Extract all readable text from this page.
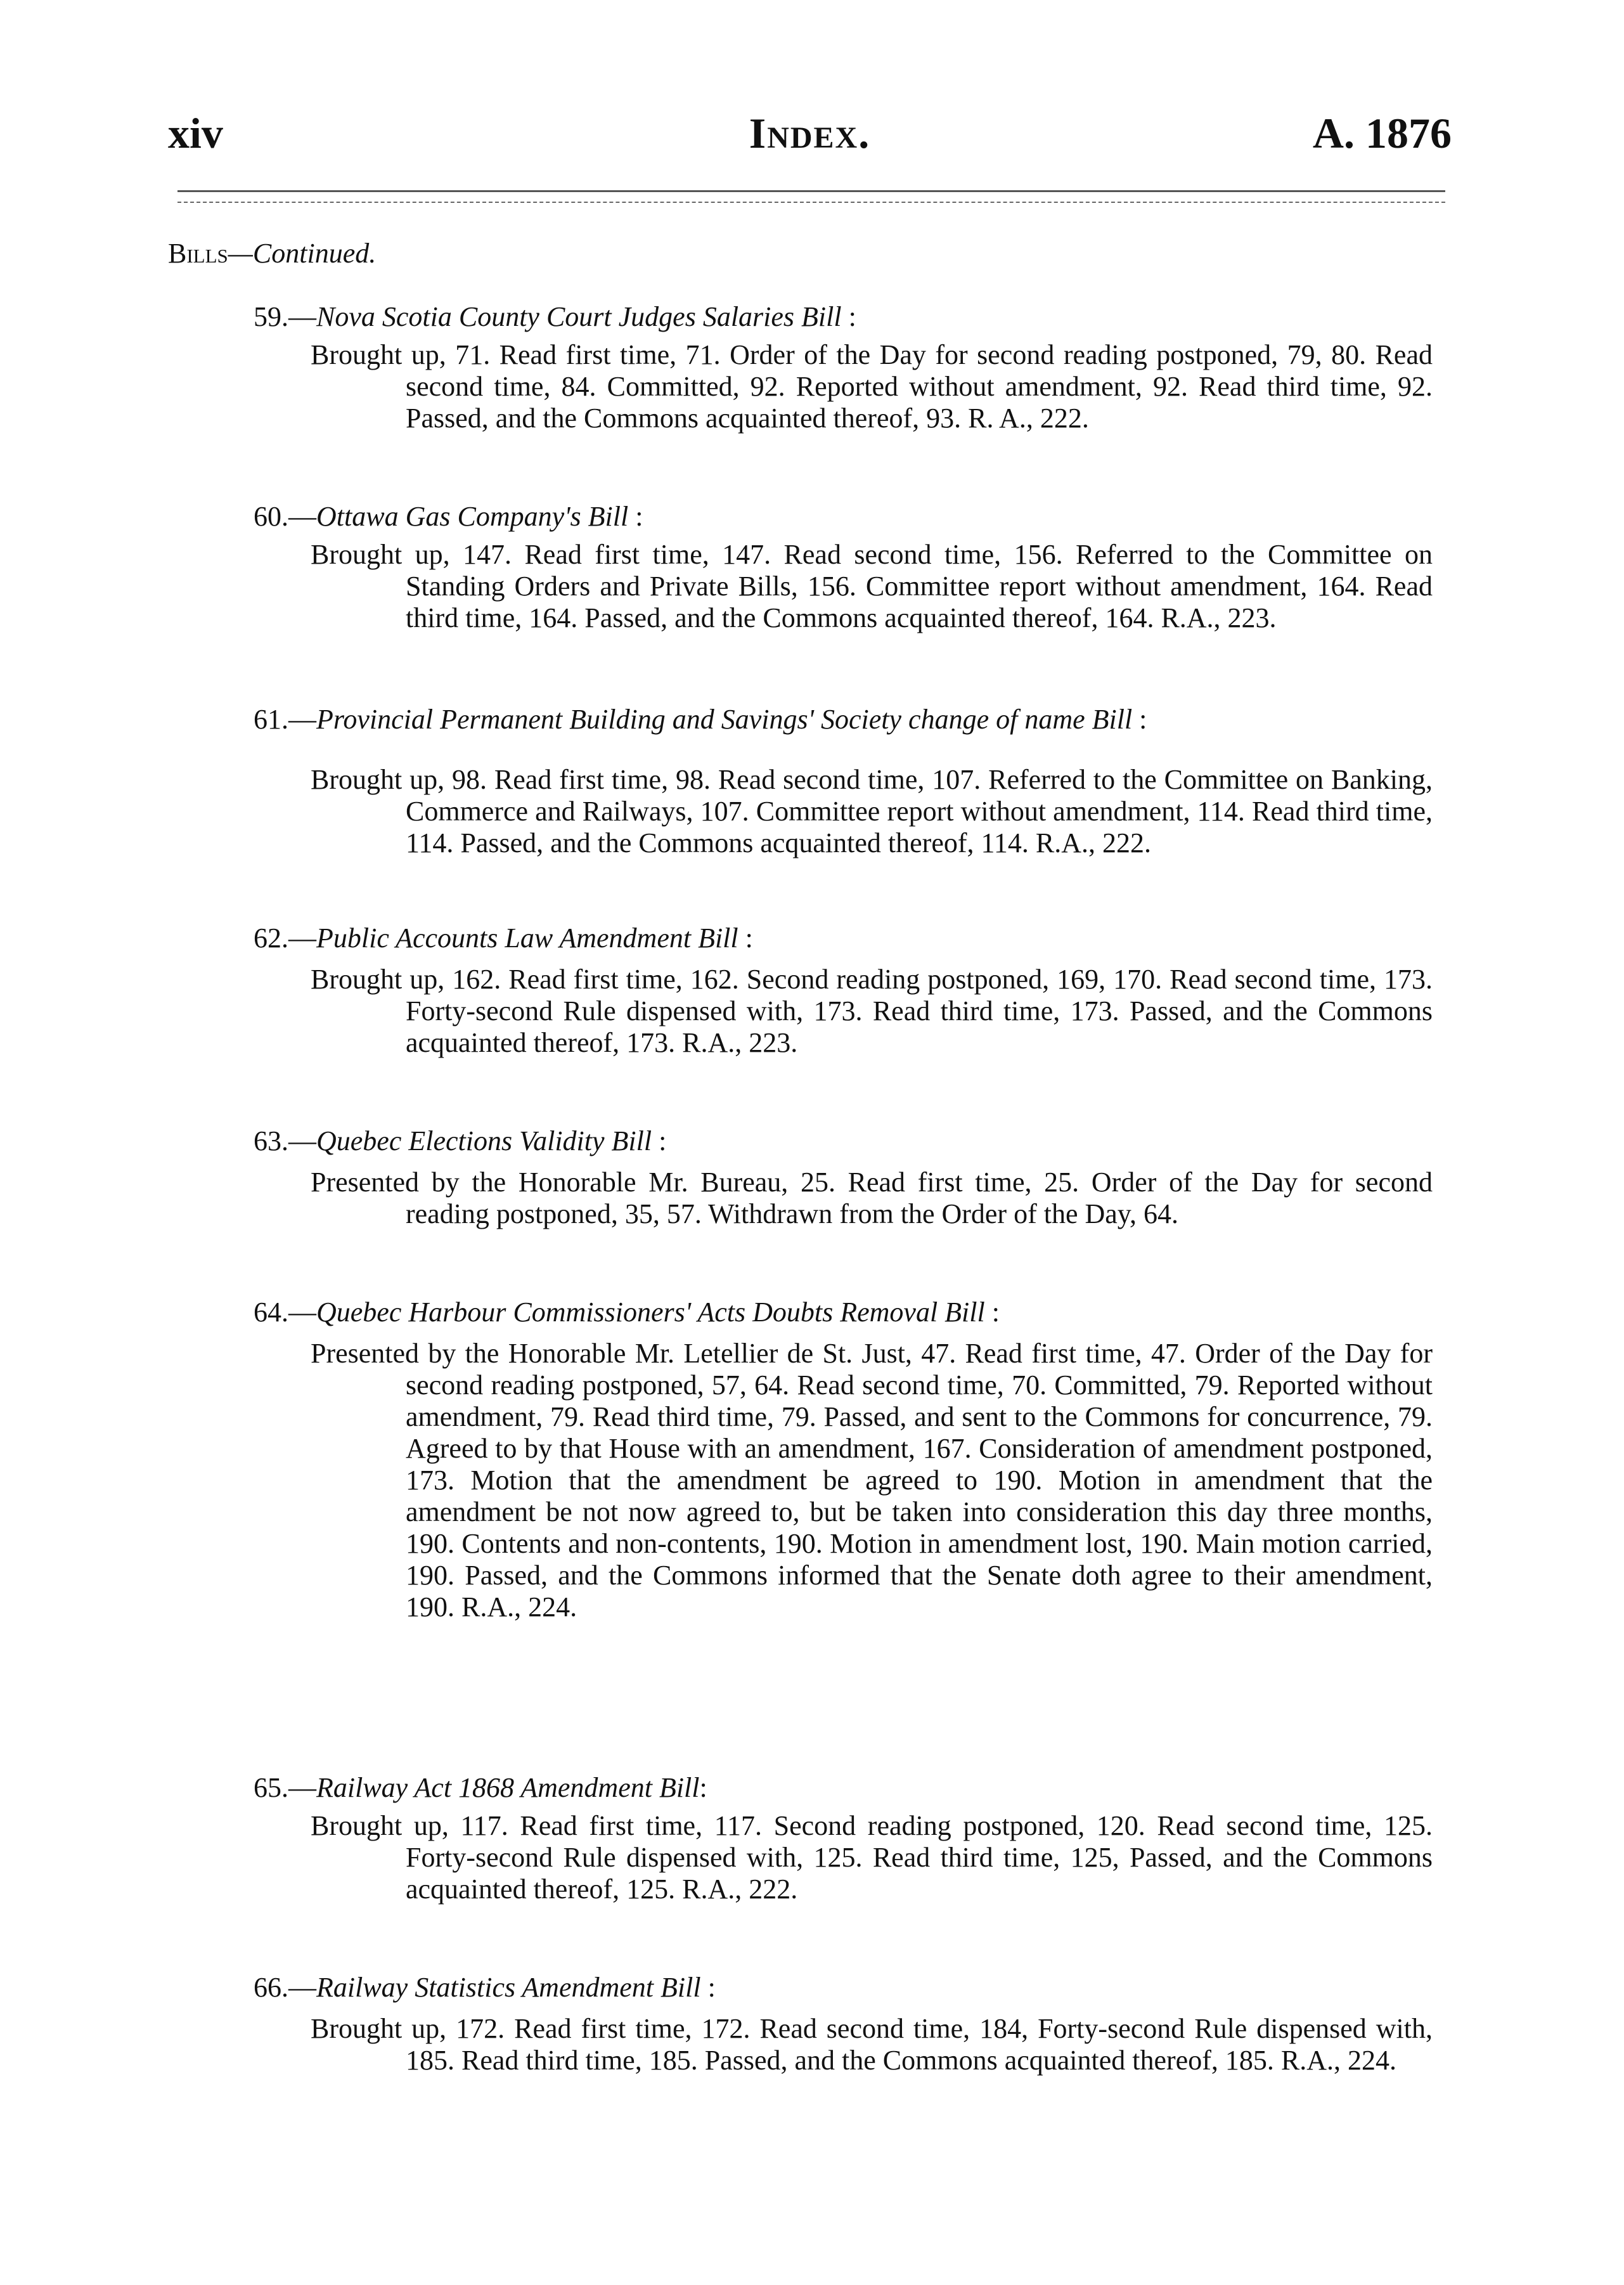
xiv	Index.	A. 1876
Bills—Continued.
59.—Nova Scotia County Court Judges Salaries Bill :
Brought up, 71. Read first time, 71. Order of the Day for second reading postponed, 79, 80. Read second time, 84. Committed, 92. Reported without amendment, 92. Read third time, 92. Passed, and the Commons acquainted thereof, 93. R. A., 222.
60.—Ottawa Gas Company's Bill :
Brought up, 147. Read first time, 147. Read second time, 156. Referred to the Committee on Standing Orders and Private Bills, 156. Committee report without amendment, 164. Read third time, 164. Passed, and the Commons acquainted thereof, 164. R.A., 223.
61.—Provincial Permanent Building and Savings' Society change of name Bill :
Brought up, 98. Read first time, 98. Read second time, 107. Referred to the Committee on Banking, Commerce and Railways, 107. Committee report without amendment, 114. Read third time, 114. Passed, and the Commons acquainted thereof, 114. R.A., 222.
62.—Public Accounts Law Amendment Bill :
Brought up, 162. Read first time, 162. Second reading postponed, 169, 170. Read second time, 173. Forty-second Rule dispensed with, 173. Read third time, 173. Passed, and the Commons acquainted thereof, 173. R.A., 223.
63.—Quebec Elections Validity Bill :
Presented by the Honorable Mr. Bureau, 25. Read first time, 25. Order of the Day for second reading postponed, 35, 57. Withdrawn from the Order of the Day, 64.
64.—Quebec Harbour Commissioners' Acts Doubts Removal Bill :
Presented by the Honorable Mr. Letellier de St. Just, 47. Read first time, 47. Order of the Day for second reading postponed, 57, 64. Read second time, 70. Committed, 79. Reported without amendment, 79. Read third time, 79. Passed, and sent to the Commons for concurrence, 79. Agreed to by that House with an amendment, 167. Consideration of amendment postponed, 173. Motion that the amendment be agreed to 190. Motion in amendment that the amendment be not now agreed to, but be taken into consideration this day three months, 190. Contents and non-contents, 190. Motion in amendment lost, 190. Main motion carried, 190. Passed, and the Commons informed that the Senate doth agree to their amendment, 190. R.A., 224.
65.—Railway Act 1868 Amendment Bill:
Brought up, 117. Read first time, 117. Second reading postponed, 120. Read second time, 125. Forty-second Rule dispensed with, 125. Read third time, 125, Passed, and the Commons acquainted thereof, 125. R.A., 222.
66.—Railway Statistics Amendment Bill :
Brought up, 172. Read first time, 172. Read second time, 184, Forty-second Rule dispensed with, 185. Read third time, 185. Passed, and the Commons acquainted thereof, 185. R.A., 224.
